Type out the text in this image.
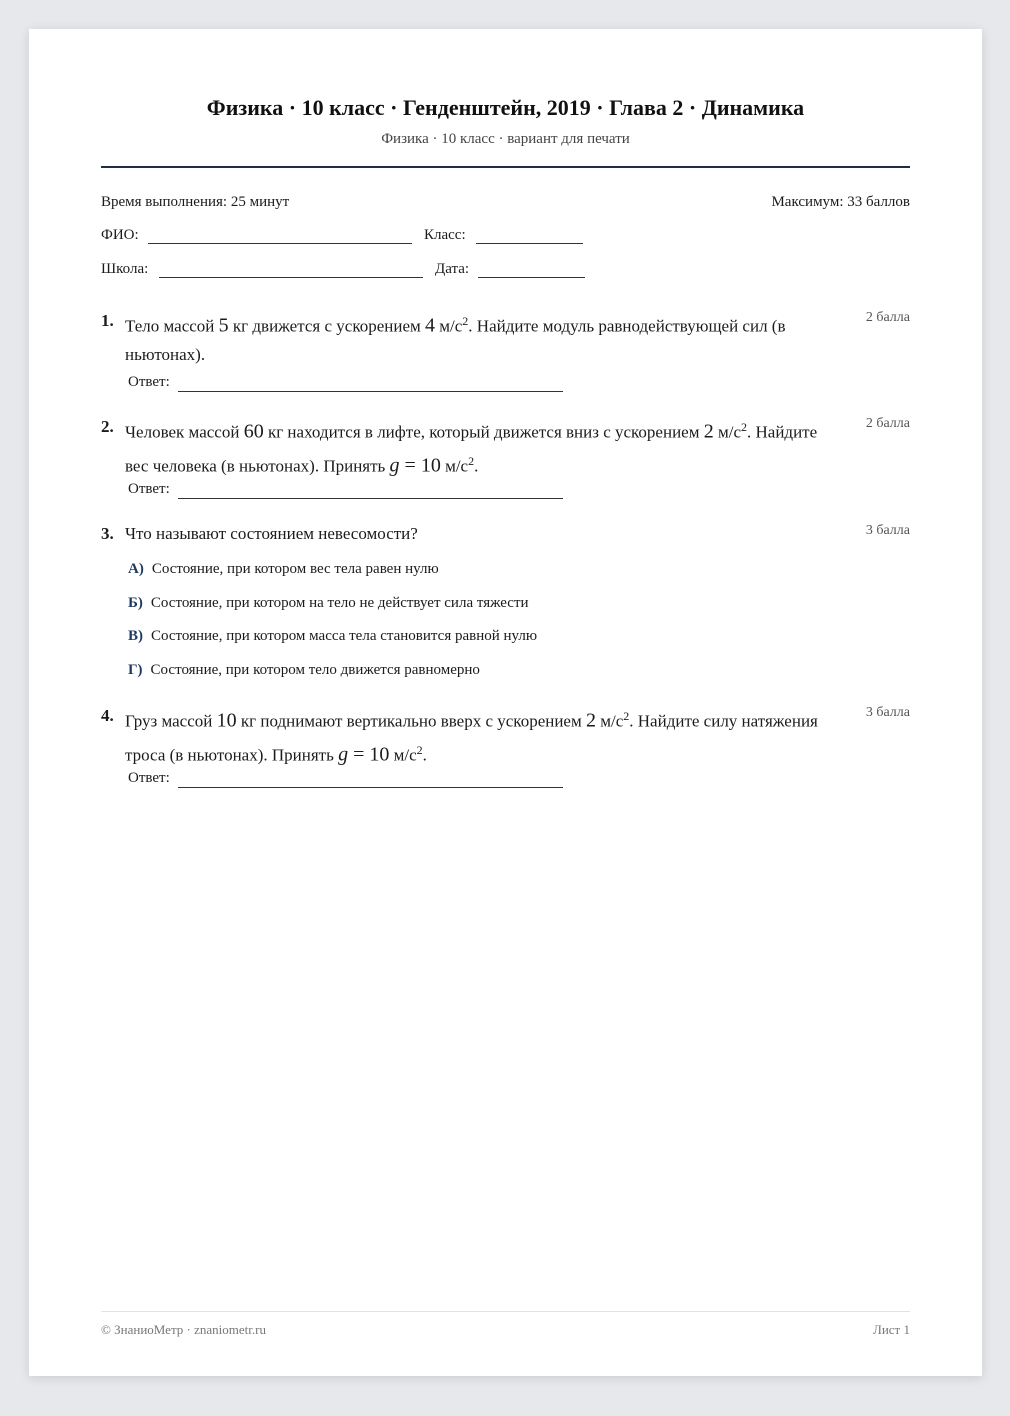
Физика · 10 класс · Генденштейн, 2019 · Глава 2 · Динамика
Физика · 10 класс · вариант для печати
Время выполнения: 25 минут	Максимум: 33 баллов
ФИО:	Класс:
Школа:	Дата:
1. Тело массой 5 кг движется с ускорением 4 $м/с^2$. Найдите модуль равнодействующей сил (в ньютонах).
2 балла
Ответ:
2. Человек массой 60 кг находится в лифте, который движется вниз с ускорением 2 $м/с^2$. Найдите вес человека (в ньютонах). Принять g = 10 $м/с^2$.
2 балла
Ответ:
3. Что называют состоянием невесомости?	3 балла
А) Состояние, при котором вес тела равен нулю
Б) Состояние, при котором на тело не действует сила тяжести
В) Состояние, при котором масса тела становится равной нулю
Г) Состояние, при котором тело движется равномерно
4. Груз массой 10 кг поднимают вертикально вверх с ускорением 2 $м/с^2$. Найдите силу натяжения троса (в ньютонах). Принять g = 10 $м/с^2$.
3 балла
Ответ:
© ЗнаниоМетр · znaniometr.ru	Лист 1
